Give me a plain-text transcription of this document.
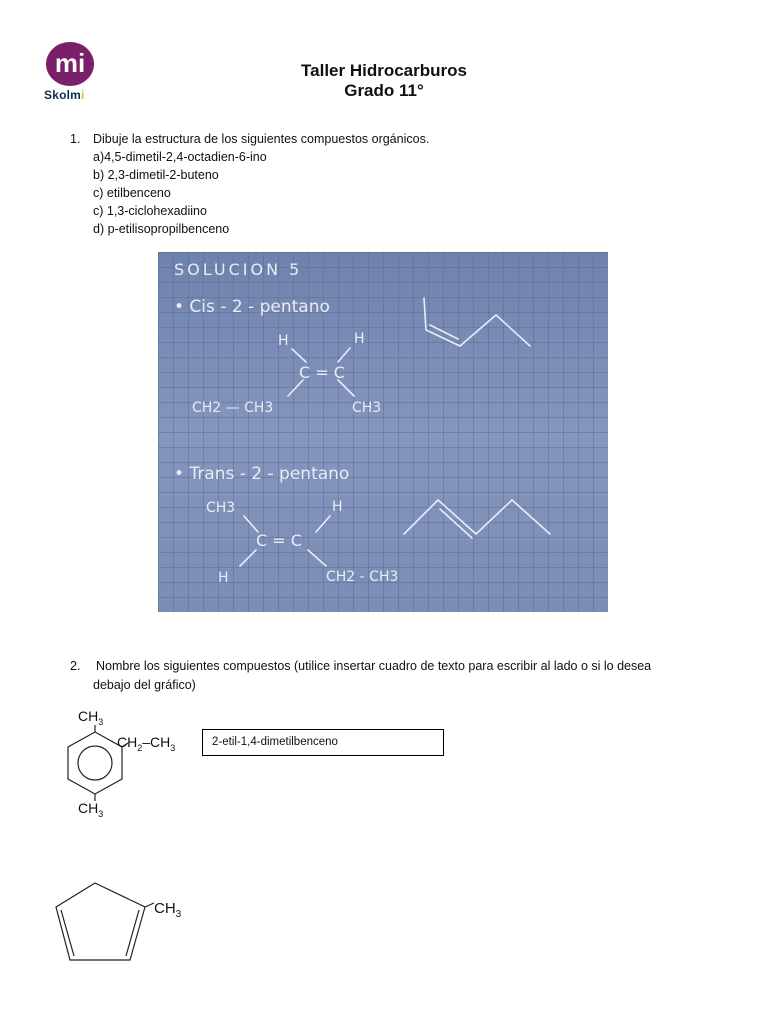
mi
Skolmi
Taller Hidrocarburos
Grado 11°
1. Dibuje la estructura de los siguientes compuestos orgánicos.
a)4,5-dimetil-2,4-octadien-6-ino
b) 2,3-dimetil-2-buteno
c) etilbenceno
c) 1,3-ciclohexadiino
d) p-etilisopropilbenceno
SOLUCION 5
• Cis - 2 - pentano
H	H
C = C
CH2 — CH3	CH3
• Trans - 2 - pentano
CH3	H
C = C
H	CH2 - CH3
2. Nombre los siguientes compuestos (utilice insertar cuadro de texto para escribir al lado o si lo desea
debajo del gráfico)
$CH_3$
$CH_2-CH_3$
$CH_3$
2-etil-1,4-dimetilbenceno
$CH_3$
